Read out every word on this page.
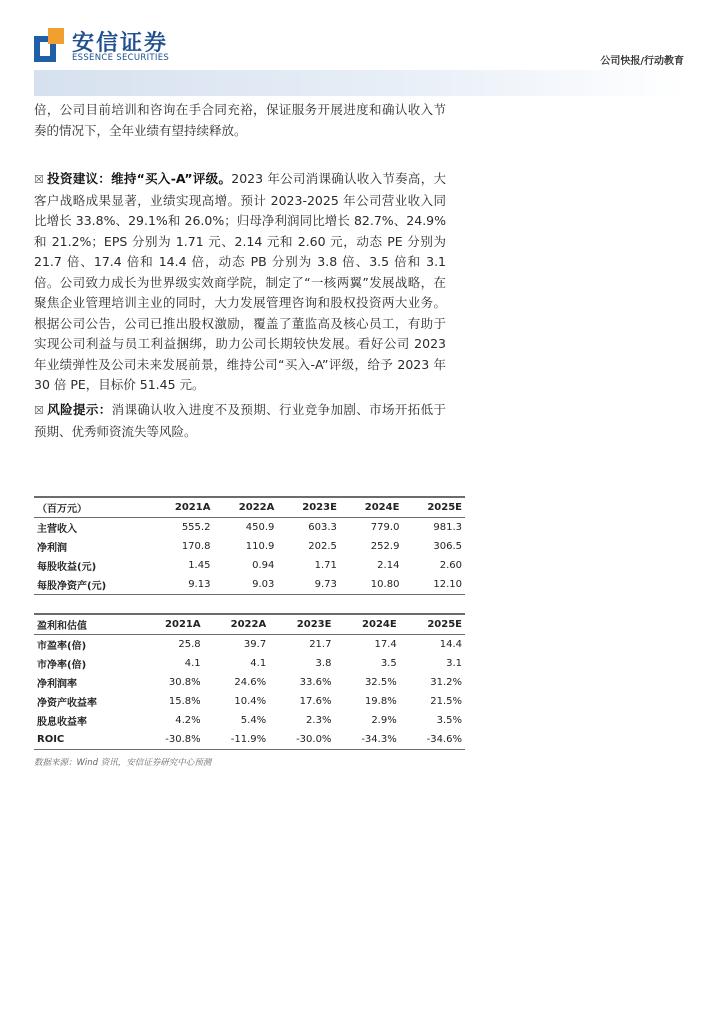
安信证券
ESSENCE SECURITIES	公司快报/行动教育
倍，公司目前培训和咨询在手合同充裕，保证服务开展进度和确认收入节奏的情况下，全年业绩有望持续释放。
☒ 投资建议：维持“买入-A”评级。2023 年公司消课确认收入节奏高，大客户战略成果显著，业绩实现高增。预计 2023-2025 年公司营业收入同比增长 33.8%、29.1%和 26.0%；归母净利润同比增长 82.7%、24.9%和 21.2%；EPS 分别为 1.71 元、2.14 元和 2.60 元，动态 PE 分别为 21.7 倍、17.4 倍和 14.4 倍，动态 PB 分别为 3.8 倍、3.5 倍和 3.1 倍。公司致力成长为世界级实效商学院，制定了“一核两翼”发展战略，在聚焦企业管理培训主业的同时，大力发展管理咨询和股权投资两大业务。根据公司公告，公司已推出股权激励，覆盖了董监高及核心员工，有助于实现公司利益与员工利益捆绑，助力公司长期较快发展。看好公司 2023 年业绩弹性及公司未来发展前景，维持公司“买入-A”评级，给予 2023 年 30 倍 PE，目标价 51.45 元。
☒ 风险提示：消课确认收入进度不及预期、行业竞争加剧、市场开拓低于预期、优秀师资流失等风险。
（百万元）	2021A	2022A	2023E	2024E	2025E
主营收入	555.2	450.9	603.3	779.0	981.3
净利润	170.8	110.9	202.5	252.9	306.5
每股收益(元)	1.45	0.94	1.71	2.14	2.60
每股净资产(元)	9.13	9.03	9.73	10.80	12.10
盈利和估值	2021A	2022A	2023E	2024E	2025E
市盈率(倍)	25.8	39.7	21.7	17.4	14.4
市净率(倍)	4.1	4.1	3.8	3.5	3.1
净利润率	30.8%	24.6%	33.6%	32.5%	31.2%
净资产收益率	15.8%	10.4%	17.6%	19.8%	21.5%
股息收益率	4.2%	5.4%	2.3%	2.9%	3.5%
ROIC	-30.8%	-11.9%	-30.0%	-34.3%	-34.6%
数据来源：Wind 资讯，安信证券研究中心预测
